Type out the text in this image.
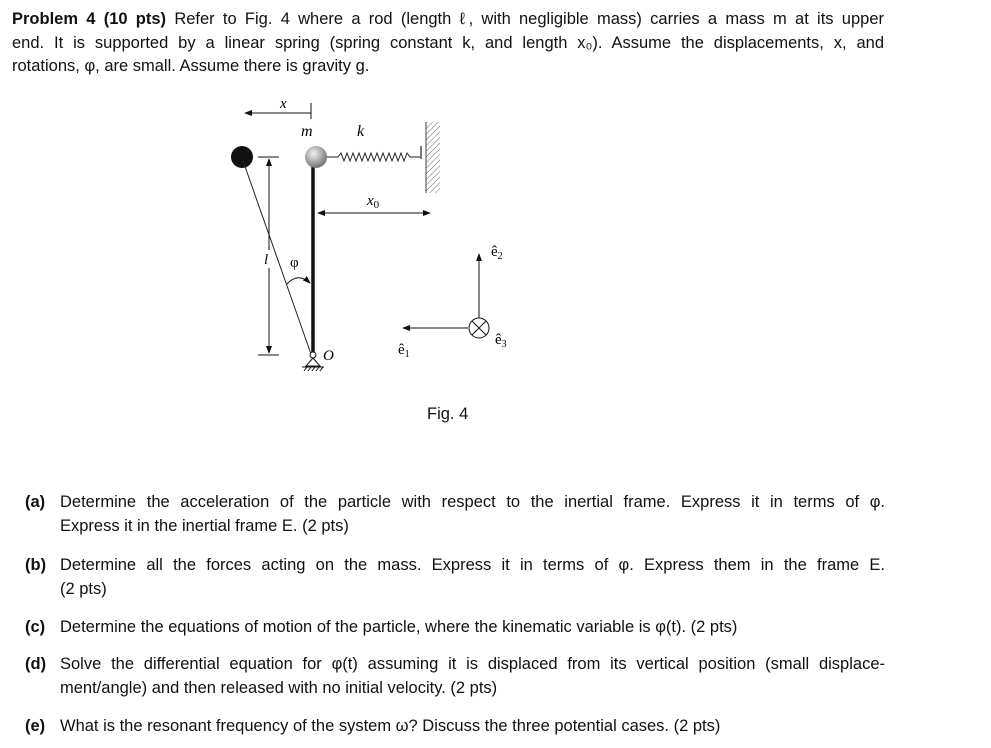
Problem 4 (10 pts) Refer to Fig. 4 where a rod (length ℓ, with negligible mass) carries a mass m at its upper
end. It is supported by a linear spring (spring constant k, and length x₀). Assume the displacements, x, and
rotations, φ, are small. Assume there is gravity g.
x
m	k
$x_0$
l φ
O	$ê_1$
$ê_2$
$ê_3$
Fig. 4
(a) Determine the acceleration of the particle with respect to the inertial frame. Express it in terms of φ.
Express it in the inertial frame E. (2 pts)
(b) Determine all the forces acting on the mass. Express it in terms of φ. Express them in the frame E.
(2 pts)
(c) Determine the equations of motion of the particle, where the kinematic variable is φ(t). (2 pts)
(d) Solve the differential equation for φ(t) assuming it is displaced from its vertical position (small displace-
ment/angle) and then released with no initial velocity. (2 pts)
(e) What is the resonant frequency of the system ω? Discuss the three potential cases. (2 pts)
